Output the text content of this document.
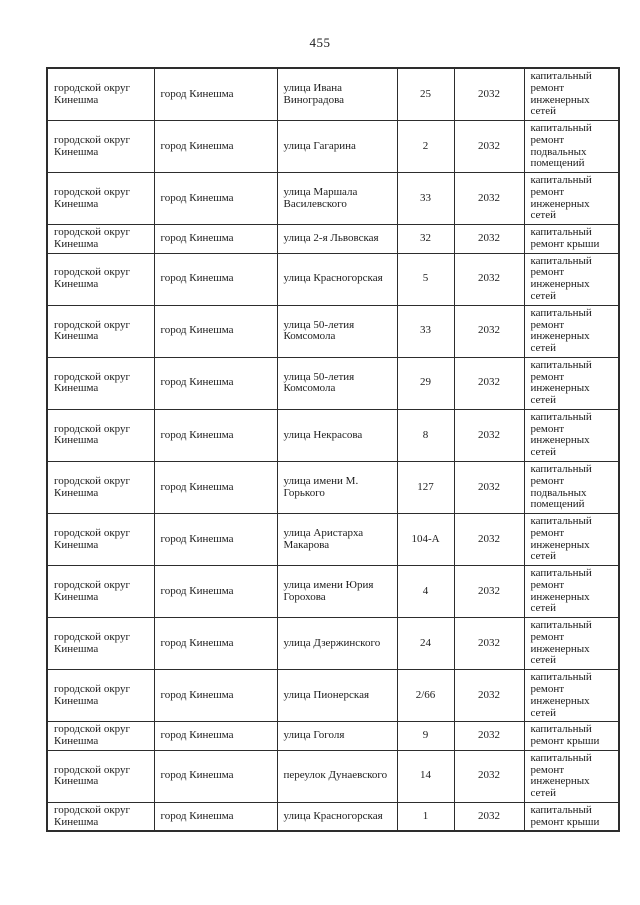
455
городской округ Кинешма	город Кинешма	улица Ивана Виноградова	25	2032	капитальный ремонт инженерных сетей
городской округ Кинешма	город Кинешма	улица Гагарина	2	2032	капитальный ремонт подвальных помещений
городской округ Кинешма	город Кинешма	улица Маршала Василевского	33	2032	капитальный ремонт инженерных сетей
городской округ Кинешма	город Кинешма	улица 2-я Львовская	32	2032	капитальный ремонт крыши
городской округ Кинешма	город Кинешма	улица Красногорская	5	2032	капитальный ремонт инженерных сетей
городской округ Кинешма	город Кинешма	улица 50-летия Комсомола	33	2032	капитальный ремонт инженерных сетей
городской округ Кинешма	город Кинешма	улица 50-летия Комсомола	29	2032	капитальный ремонт инженерных сетей
городской округ Кинешма	город Кинешма	улица Некрасова	8	2032	капитальный ремонт инженерных сетей
городской округ Кинешма	город Кинешма	улица имени М. Горького	127	2032	капитальный ремонт подвальных помещений
городской округ Кинешма	город Кинешма	улица Аристарха Макарова	104-А	2032	капитальный ремонт инженерных сетей
городской округ Кинешма	город Кинешма	улица имени Юрия Горохова	4	2032	капитальный ремонт инженерных сетей
городской округ Кинешма	город Кинешма	улица Дзержинского	24	2032	капитальный ремонт инженерных сетей
городской округ Кинешма	город Кинешма	улица Пионерская	2/66	2032	капитальный ремонт инженерных сетей
городской округ Кинешма	город Кинешма	улица Гоголя	9	2032	капитальный ремонт крыши
городской округ Кинешма	город Кинешма	переулок Дунаевского	14	2032	капитальный ремонт инженерных сетей
городской округ Кинешма	город Кинешма	улица Красногорская	1	2032	капитальный ремонт крыши
